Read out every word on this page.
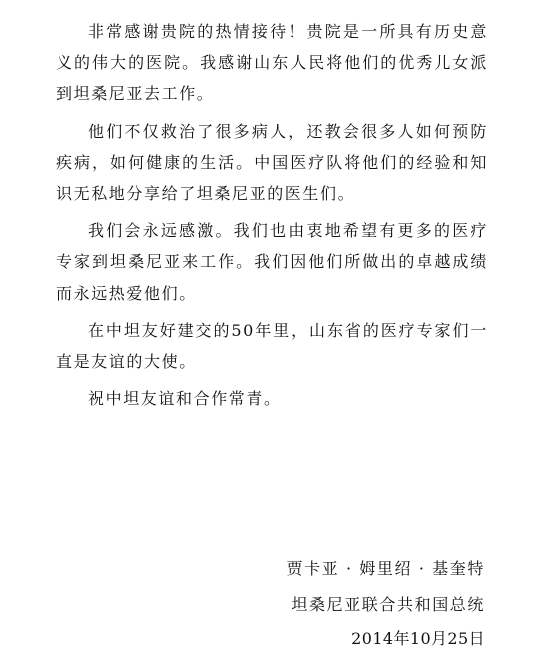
非常感谢贵院的热情接待！贵院是一所具有历史意义的伟大的医院。我感谢山东人民将他们的优秀儿女派到坦桑尼亚去工作。

他们不仅救治了很多病人，还教会很多人如何预防疾病，如何健康的生活。中国医疗队将他们的经验和知识无私地分享给了坦桑尼亚的医生们。

我们会永远感激。我们也由衷地希望有更多的医疗专家到坦桑尼亚来工作。我们因他们所做出的卓越成绩而永远热爱他们。

在中坦友好建交的50年里，山东省的医疗专家们一直是友谊的大使。

祝中坦友谊和合作常青。

贾卡亚 · 姆里绍 · 基奎特
坦桑尼亚联合共和国总统
2014年10月25日
